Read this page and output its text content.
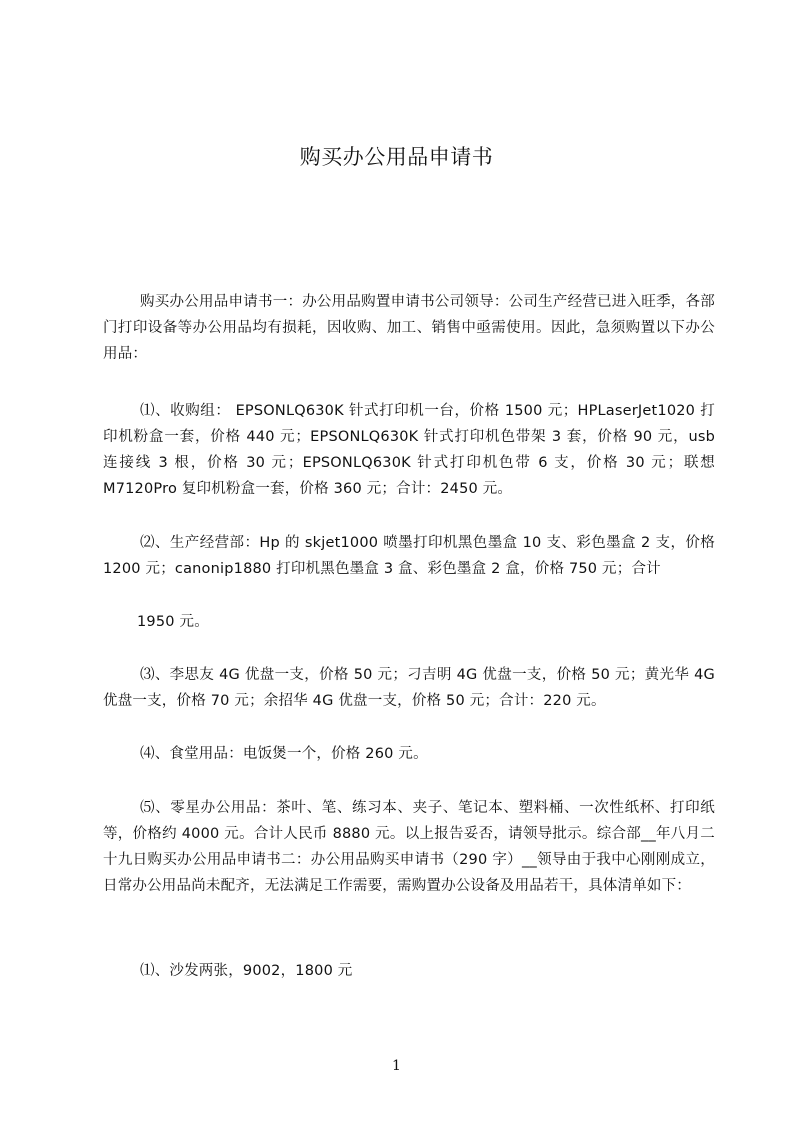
购买办公用品申请书

购买办公用品申请书一：办公用品购置申请书公司领导：公司生产经营已进入旺季，各部门打印设备等办公用品均有损耗，因收购、加工、销售中亟需使用。因此，急须购置以下办公用品：

⑴、收购组： EPSONLQ630K 针式打印机一台，价格 1500 元；HPLaserJet1020 打印机粉盒一套，价格 440 元；EPSONLQ630K 针式打印机色带架 3 套，价格 90 元，usb 连接线 3 根，价格 30 元；EPSONLQ630K 针式打印机色带 6 支，价格 30 元；联想 M7120Pro 复印机粉盒一套，价格 360 元；合计：2450 元。

⑵、生产经营部：Hp 的 skjet1000 喷墨打印机黑色墨盒 10 支、彩色墨盒 2 支，价格 1200 元；canonip1880 打印机黑色墨盒 3 盒、彩色墨盒 2 盒，价格 750 元；合计

1950 元。

⑶、李思友 4G 优盘一支，价格 50 元；刁吉明 4G 优盘一支，价格 50 元；黄光华 4G 优盘一支，价格 70 元；余招华 4G 优盘一支，价格 50 元；合计：220 元。

⑷、食堂用品：电饭煲一个，价格 260 元。

⑸、零星办公用品：茶叶、笔、练习本、夹子、笔记本、塑料桶、一次性纸杯、打印纸等，价格约 4000 元。合计人民币 8880 元。以上报告妥否，请领导批示。综合部__年八月二十九日购买办公用品申请书二：办公用品购买申请书（290 字）__领导由于我中心刚刚成立，日常办公用品尚未配齐，无法满足工作需要，需购置办公设备及用品若干，具体清单如下：

⑴、沙发两张，9002，1800 元

1
